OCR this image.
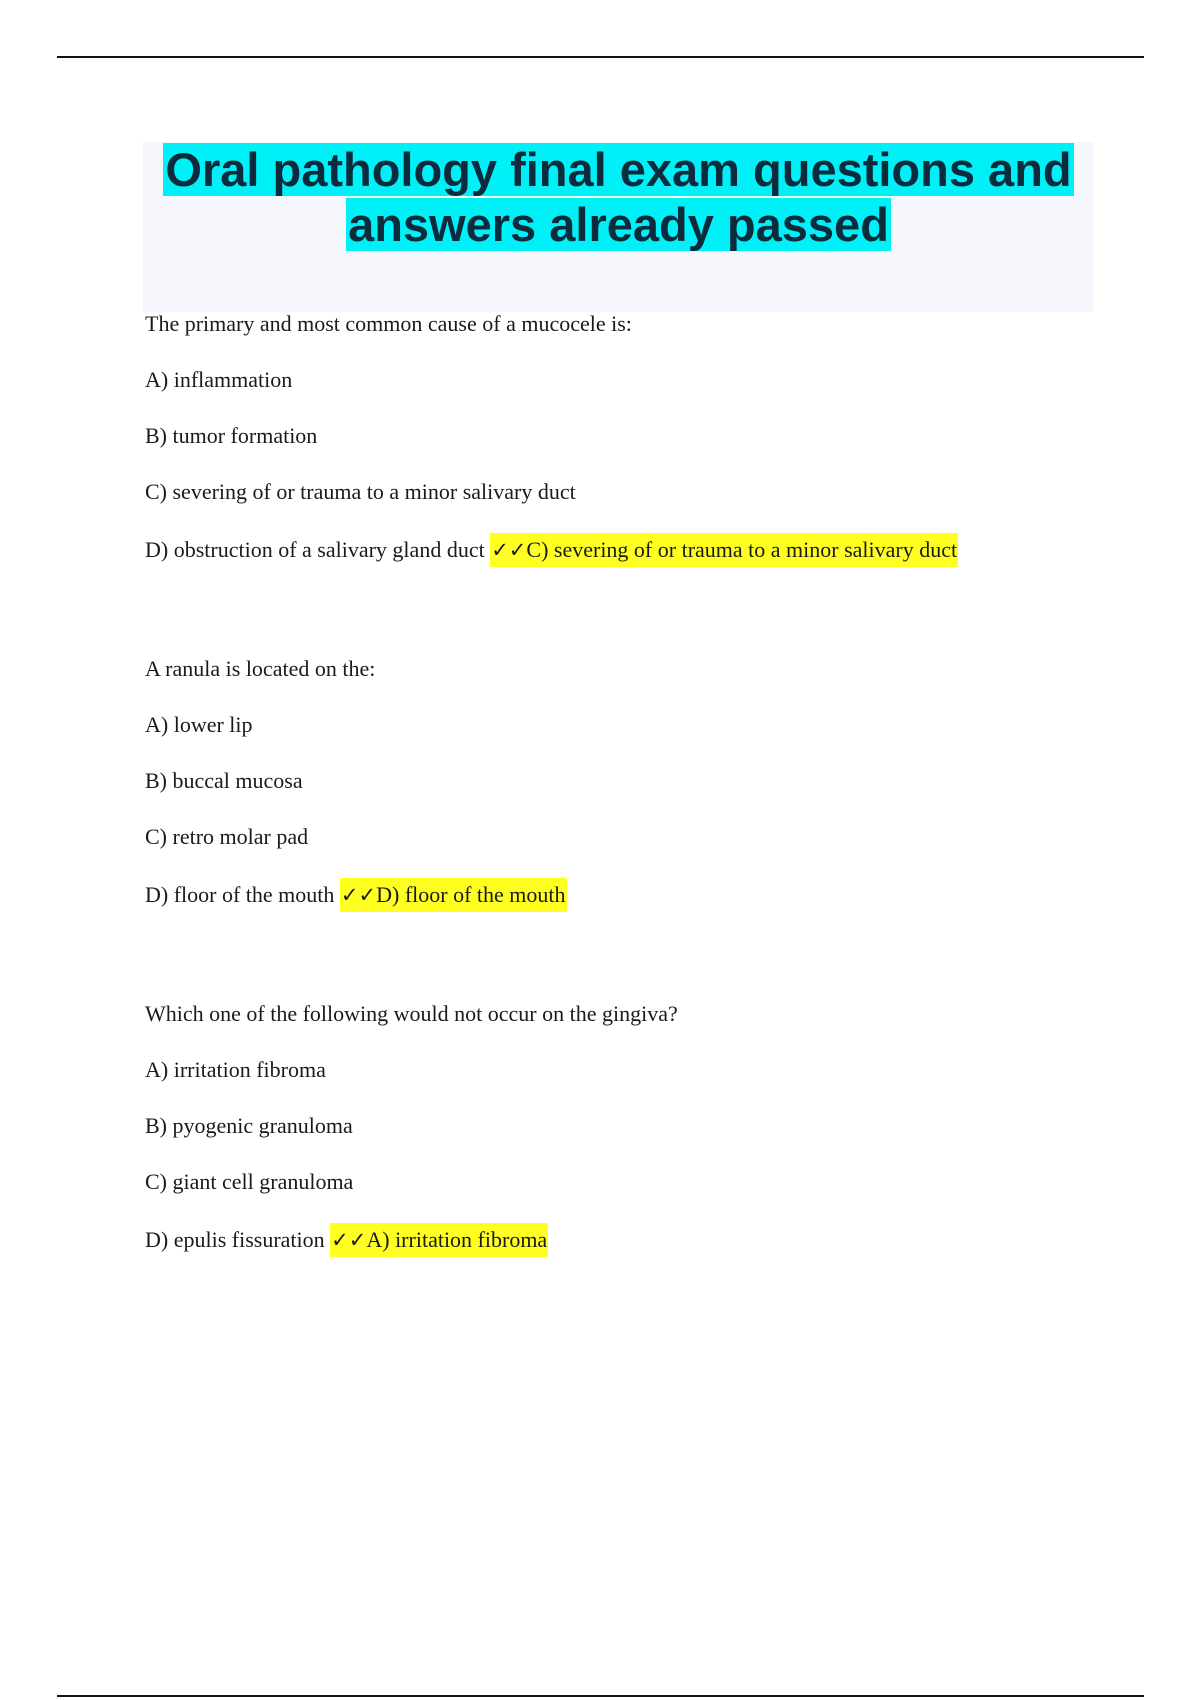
Oral pathology final exam questions and
answers already passed

The primary and most common cause of a mucocele is:

A) inflammation

B) tumor formation

C) severing of or trauma to a minor salivary duct

D) obstruction of a salivary gland duct ✓✓C) severing of or trauma to a minor salivary duct

A ranula is located on the:

A) lower lip

B) buccal mucosa

C) retro molar pad

D) floor of the mouth ✓✓D) floor of the mouth

Which one of the following would not occur on the gingiva?

A) irritation fibroma

B) pyogenic granuloma

C) giant cell granuloma

D) epulis fissuration ✓✓A) irritation fibroma
